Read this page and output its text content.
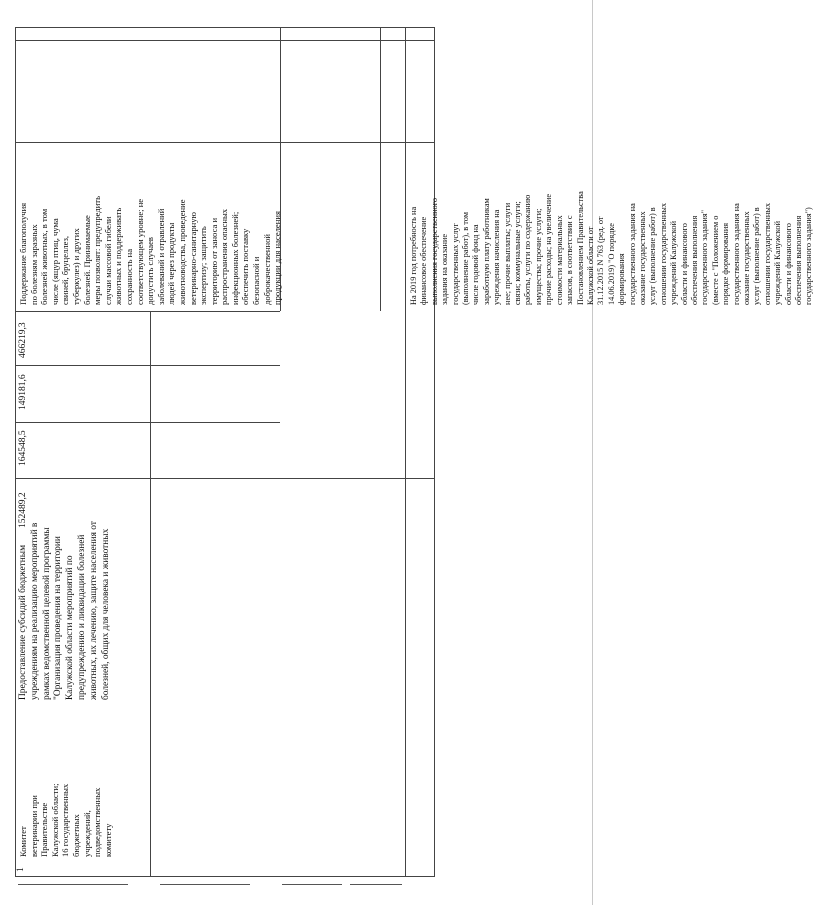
1
Комитет
ветеринарии при
Правительстве
Калужской области;
16 государственных
бюджетных
учреждений,
подведомственных
комитету
Предоставление субсидий бюджетным
учреждениям на реализацию мероприятий в
рамках ведомственной целевой программы
"Организация проведения на территории
Калужской области мероприятий по
предупреждению и ликвидации болезней
животных, их лечению, защите населения от
болезней, общих для человека и животных
152489,2
164548,5
149181,6
466219,3
Поддержание благополучия
по болезням заразных
болезней животных, в том
числе (ящур птиц, чума
свиней, бруцеллез,
туберкулез) и других
болезней. Принимаемые
меры позволят: предупредить
случаи массовой гибели
животных и поддерживать
сохранность на
соответствующем уровне; не
допустить случаев
заболеваний и отравлений
людей через продукты
животноводства, проведение
ветеринарно-санитарную
экспертизу; защитить
территорию от заноса и
распространения опасных
инфекционных болезней;
обеспечить поставку
безопасной и
доброкачественной
продукции для населения
На 2019 год потребность на
финансовое обеспечение
выполнения государственного
задания на оказание
государственных услуг
(выполнение работ), в том
числе годовой фонд на
заработную плату работникам
учреждения начисления на
нее; прочие выплаты; услуги
связи; коммунальные услуги;
работы, услуги по содержанию
имущества; прочие услуги;
прочие расходы; на увеличение
стоимости материальных
запасов, в соответствии с
Постановлением Правительства
Калужской области от
31.12.2015 N 763 (ред. от
14.06.2019) "О порядке
формирования
государственного задания на
оказание государственных
услуг (выполнение работ) в
отношении государственных
учреждений Калужской
области и финансового
обеспечения выполнения
государственного задания"
(вместе с "Положением о
порядке формирования
государственного задания на
оказание государственных
услуг (выполнение работ) в
отношении государственных
учреждений Калужской
области и финансового
обеспечения выполнения
государственного задания")
